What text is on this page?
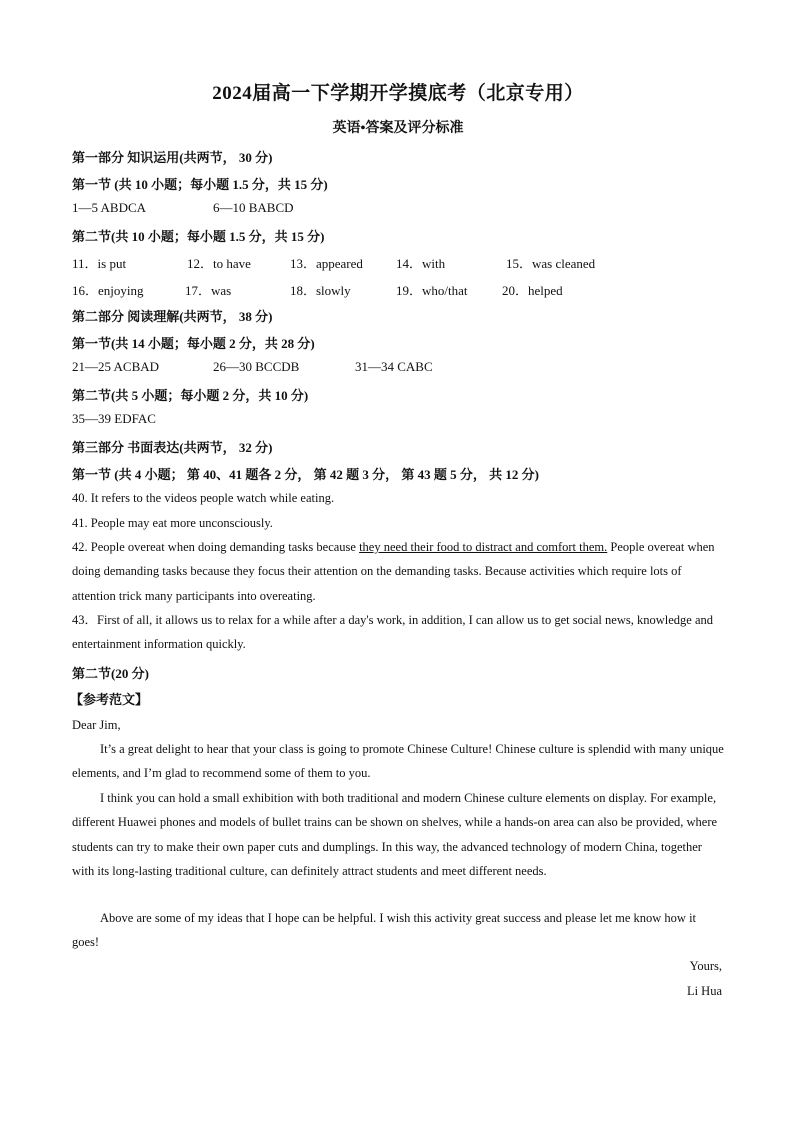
2024届高一下学期开学摸底考（北京专用）
英语•答案及评分标准
第一部分 知识运用(共两节， 30 分)
第一节 (共 10 小题；每小题 1.5 分，共 15 分)
1—5 ABDCA	6—10 BABCD
第二节(共 10 小题；每小题 1.5 分，共 15 分)
11．is put	12．to have	13．appeared	14．with	15．was cleaned
16．enjoying	17．was	18．slowly	19．who/that	20．helped
第二部分 阅读理解(共两节， 38 分)
第一节(共 14 小题；每小题 2 分，共 28 分)
21—25 ACBAD	26—30 BCCDB	31—34 CABC
第二节(共 5 小题；每小题 2 分，共 10 分)
35—39 EDFAC
第三部分 书面表达(共两节， 32 分)
第一节 (共 4 小题； 第 40、41 题各 2 分， 第 42 题 3 分， 第 43 题 5 分， 共 12 分)
40. It refers to the videos people watch while eating.
41. People may eat more unconsciously.
42. People overeat when doing demanding tasks because they need their food to distract and comfort them. People overeat when doing demanding tasks because they focus their attention on the demanding tasks. Because activities which require lots of attention trick many participants into overeating.
43．First of all, it allows us to relax for a while after a day's work, in addition, I can allow us to get social news, knowledge and entertainment information quickly.
第二节(20 分)
【参考范文】
Dear Jim,
It’s a great delight to hear that your class is going to promote Chinese Culture! Chinese culture is splendid with many unique elements, and I’m glad to recommend some of them to you.
I think you can hold a small exhibition with both traditional and modern Chinese culture elements on display. For example, different Huawei phones and models of bullet trains can be shown on shelves, while a hands-on area can also be provided, where students can try to make their own paper cuts and dumplings. In this way, the advanced technology of modern China, together with its long-lasting traditional culture, can definitely attract students and meet different needs.
Above are some of my ideas that I hope can be helpful. I wish this activity great success and please let me know how it goes!
Yours,
Li Hua
